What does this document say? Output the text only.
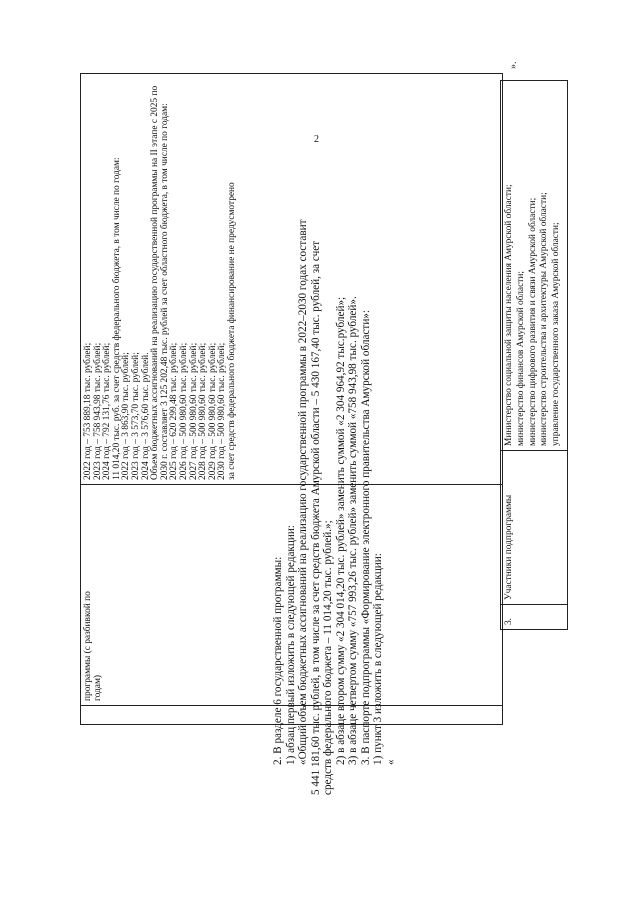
2

программы (с разбивкой по
годам)

2022 год – 753 889,18 тыс. рублей;
2023 год – 758 943,98 тыс. рублей;
2024 год – 792 131,76 тыс. рублей;
11 014,20 тыс. руб. за счет средств федерального бюджета, в том числе по годам:
2022 год – 3 863,90 тыс. рублей;
2023 год – 3 573,70 тыс. рублей;
2024 год – 3 576,60 тыс. рублей.
Объем бюджетных ассигнований на реализацию государственной программы на II этапе с 2025 по
2030 г. составляет 3 125 202,48 тыс. рублей за счет областного бюджета, в том числе по годам:
2025 год – 620 299,48 тыс. рублей;
2026 год – 500 980,60 тыс. рублей;
2027 год – 500 980,60 тыс. рублей;
2028 год – 500 980,60 тыс. рублей;
2029 год – 500 980,60 тыс. рублей;
2030 год – 500 980,60 тыс. рублей;
за счет средств федерального бюджета финансирование не предусмотрено

».

2. В разделе 6 государственной программы: 1) абзац первый изложить в следующей редакции: «Общий объем бюджетных ассигнований на реализацию государственной программы в 2022–2030 годах составит 5 441 181,60 тыс. рублей, в том числе за счет средств бюджета Амурской области – 5 430 167,40 тыс. рублей, за счет средств федерального бюджета – 11 014,20 тыс. рублей.»; 2) в абзаце втором сумму «2 304 014,20 тыс. рублей» заменить суммой «2 304 964,92 тыс.рублей»; 3) в абзаце четвертом сумму «757 993,26 тыс. рублей» заменить суммой «758 943,98 тыс. рублей». 3. В паспорте подпрограммы «Формирование электронного правительства Амурской области»: 1) пункт 3 изложить в следующей редакции: «

3.

Участники подпрограммы

Министерство социальной защиты населения Амурской области; министерство финансов Амурской области; министерство цифрового развития и связи Амурской области; министерство строительства и архитектуры Амурской области; управление государственного заказа Амурской области;
